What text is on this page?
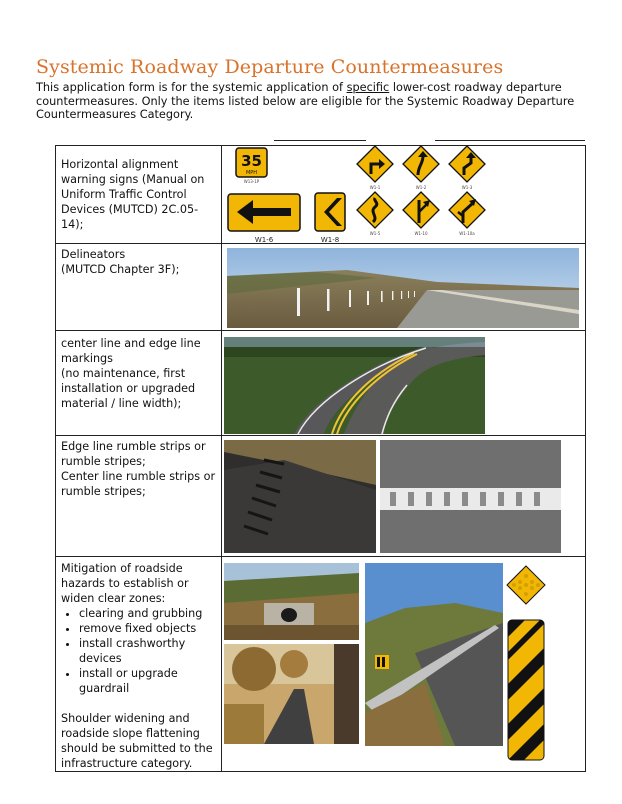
Systemic Roadway Departure Countermeasures
This application form is for the systemic application of specific lower-cost roadway departure countermeasures. Only the items listed below are eligible for the Systemic Roadway Departure Countermeasures Category.
Horizontal alignment warning signs (Manual on Uniform Traffic Control Devices (MUTCD) 2C.05-14);
35
MPH
W13-1P
W1-6	W1-8
W1-1	W1-2	W1-3
W1-5	W1-10	W1-10a
Delineators
(MUTCD Chapter 3F);
center line and edge line markings
(no maintenance, first installation or upgraded material / line width);
Edge line rumble strips or rumble stripes;
Center line rumble strips or rumble stripes;
Mitigation of roadside hazards to establish or widen clear zones:
• clearing and grubbing
• remove fixed objects
• install crashworthy devices
• install or upgrade guardrail
Shoulder widening and roadside slope flattening should be submitted to the infrastructure category.
